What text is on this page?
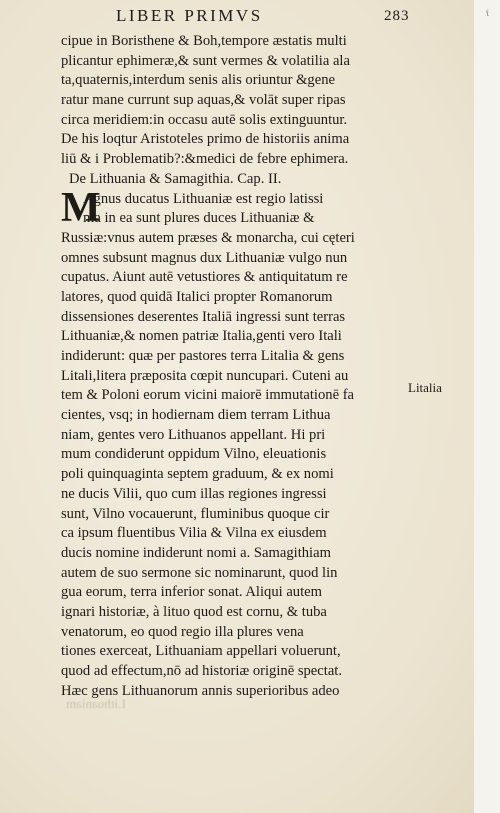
LIBER PRIMVS	283	f
cipue in Boristhene & Boh,tempore æstatis multi
plicantur ephimeræ,& sunt vermes & volatilia ala
ta,quaternis,interdum senis alis oriuntur &gene
ratur mane currunt sup aquas,& volāt super ripas
circa meridiem:in occasu autē solis extinguuntur.
De his loqtur Aristoteles primo de historiis anima
liū & i Problematib?:&medici de febre ephimera.
De Lithuania & Samagithia. Cap. II.
Agnus ducatus Lithuaniæ est regio latissi
ma in ea sunt plures duces Lithuaniæ &
Russiæ:vnus autem præses & monarcha, cui cęteri
omnes subsunt magnus dux Lithuaniæ vulgo nun
cupatus. Aiunt autē vetustiores & antiquitatum re
latores, quod quidā Italici propter Romanorum
dissensiones deserentes Italiā ingressi sunt terras
Lithuaniæ,& nomen patriæ Italia,genti vero Itali
indiderunt: quæ per pastores terra Litalia & gens
Litali,litera præposita cœpit nuncupari. Cuteni au
tem & Poloni eorum vicini maiorē immutationē fa
cientes, vsq; in hodiernam diem terram Lithua
niam, gentes vero Lithuanos appellant. Hi pri
mum condiderunt oppidum Vilno, eleuationis
poli quinquaginta septem graduum, & ex nomi
ne ducis Vilii, quo cum illas regiones ingressi
sunt, Vilno vocauerunt, fluminibus quoque cir
ca ipsum fluentibus Vilia & Vilna ex eiusdem
ducis nomine indiderunt nomi a. Samagithiam
autem de suo sermone sic nominarunt, quod lin
gua eorum, terra inferior sonat. Aliqui autem
ignari historiæ, à lituo quod est cornu, & tuba
venatorum, eo quod regio illa plures vena
tiones exerceat, Lithuaniam appellari voluerunt,
quod ad effectum,nō ad historiæ originē spectat.
Hæc gens Lithuanorum annis superioribus adeo
M
Litalia
Lithuaniam
